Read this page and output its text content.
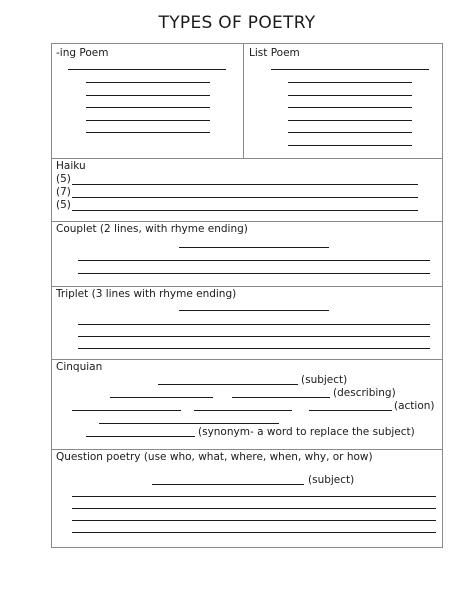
TYPES OF POETRY
-ing Poem	List Poem
Haiku
(5)
(7)
(5)
Couplet (2 lines, with rhyme ending)
Triplet (3 lines with rhyme ending)
Cinquian
(subject)
(describing)
(action)
(synonym- a word to replace the subject)
Question poetry (use who, what, where, when, why, or how)
(subject)
